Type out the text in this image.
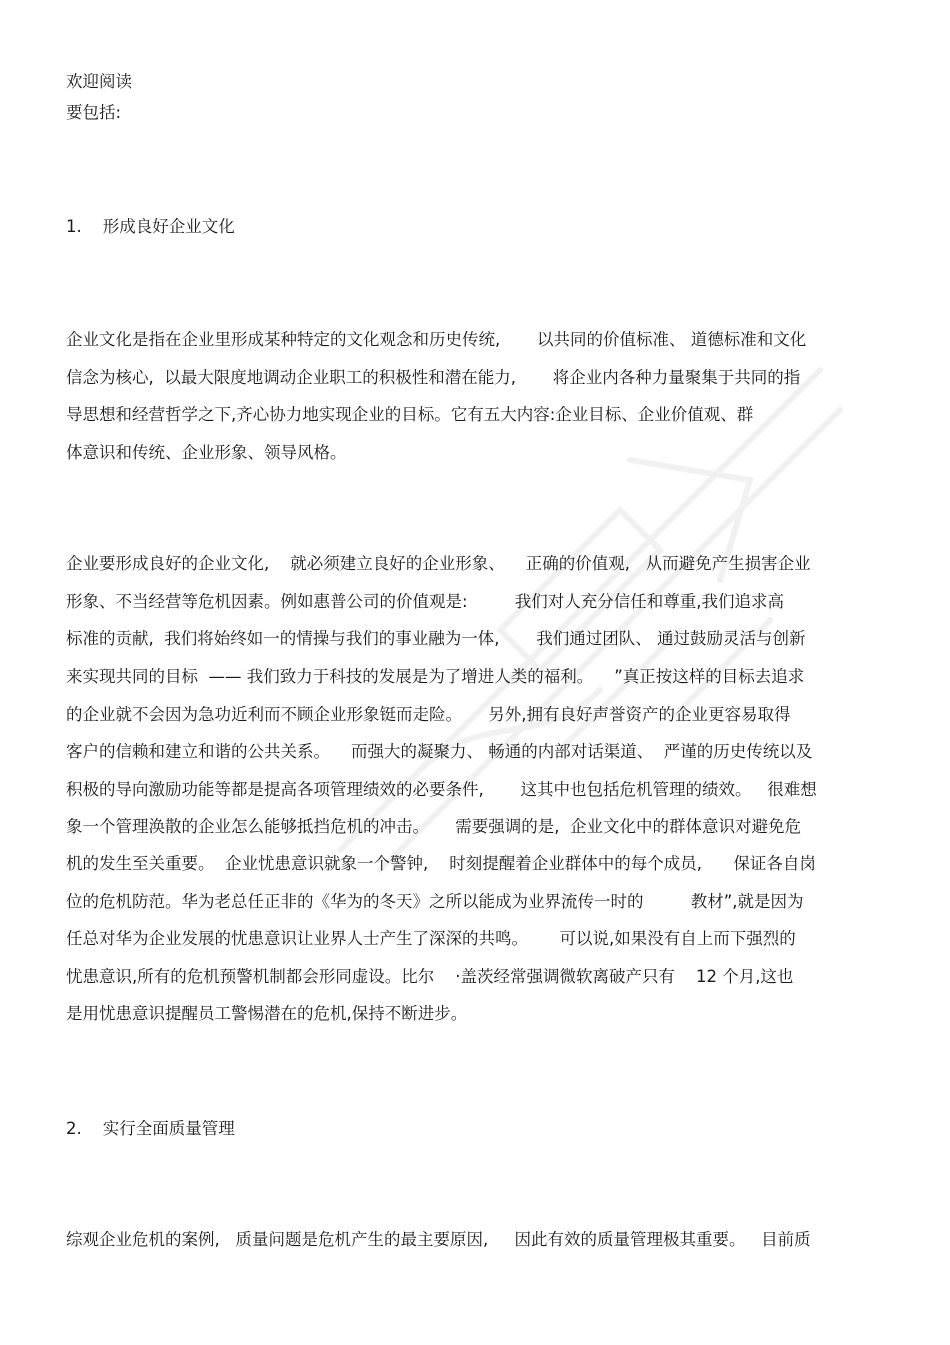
欢迎阅读

要包括:

1.    形成良好企业文化

企业文化是指在企业里形成某种特定的文化观念和历史传统,       以共同的价值标准、 道德标准和文化

信念为核心,  以最大限度地调动企业职工的积极性和潜在能力,       将企业内各种力量聚集于共同的指

导思想和经营哲学之下,齐心协力地实现企业的目标。它有五大内容:企业目标、企业价值观、群

体意识和传统、企业形象、领导风格。

企业要形成良好的企业文化,    就必须建立良好的企业形象、    正确的价值观,   从而避免产生损害企业

形象、不当经营等危机因素。例如惠普公司的价值观是:         我们对人充分信任和尊重,我们追求高

标准的贡献,  我们将始终如一的情操与我们的事业融为一体,       我们通过团队、 通过鼓励灵活与创新

来实现共同的目标  —— 我们致力于科技的发展是为了增进人类的福利。    ”真正按这样的目标去追求

的企业就不会因为急功近利而不顾企业形象铤而走险。     另外,拥有良好声誉资产的企业更容易取得

客户的信赖和建立和谐的公共关系。    而强大的凝聚力、 畅通的内部对话渠道、  严谨的历史传统以及

积极的导向激励功能等都是提高各项管理绩效的必要条件,       这其中也包括危机管理的绩效。   很难想

象一个管理涣散的企业怎么能够抵挡危机的冲击。     需要强调的是,  企业文化中的群体意识对避免危

机的发生至关重要。  企业忧患意识就象一个警钟,    时刻提醒着企业群体中的每个成员,      保证各自岗

位的危机防范。华为老总任正非的《华为的冬天》之所以能成为业界流传一时的         教材”,就是因为

任总对华为企业发展的忧患意识让业界人士产生了深深的共鸣。      可以说,如果没有自上而下强烈的

忧患意识,所有的危机预警机制都会形同虚设。比尔    ·盖茨经常强调微软离破产只有    12 个月,这也

是用忧患意识提醒员工警惕潜在的危机,保持不断进步。

2.    实行全面质量管理

综观企业危机的案例,   质量问题是危机产生的最主要原因,     因此有效的质量管理极其重要。   目前质
